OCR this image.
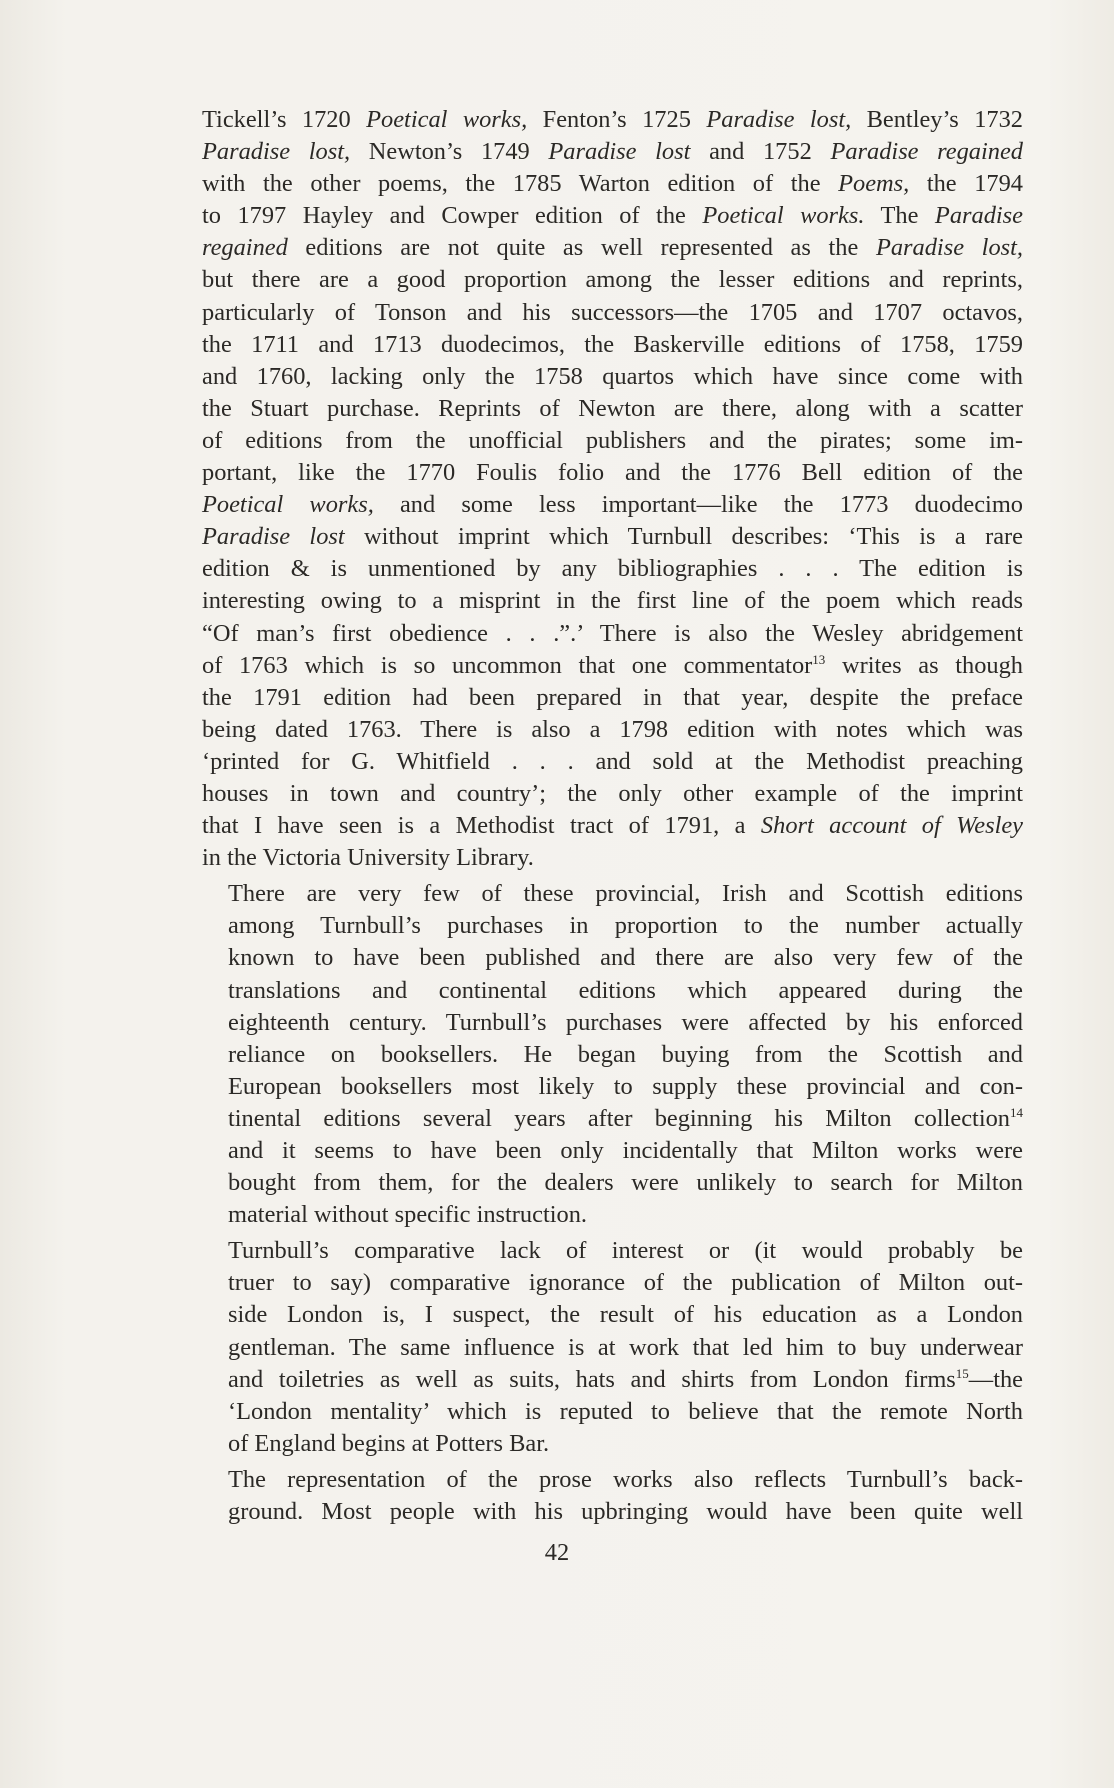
Tickell’s 1720 Poetical works, Fenton’s 1725 Paradise lost, Bentley’s 1732
Paradise lost, Newton’s 1749 Paradise lost and 1752 Paradise regained
with the other poems, the 1785 Warton edition of the Poems, the 1794
to 1797 Hayley and Cowper edition of the Poetical works. The Paradise
regained editions are not quite as well represented as the Paradise lost,
but there are a good proportion among the lesser editions and reprints,
particularly of Tonson and his successors—the 1705 and 1707 octavos,
the 1711 and 1713 duodecimos, the Baskerville editions of 1758, 1759
and 1760, lacking only the 1758 quartos which have since come with
the Stuart purchase. Reprints of Newton are there, along with a scatter
of editions from the unofficial publishers and the pirates; some im-
portant, like the 1770 Foulis folio and the 1776 Bell edition of the
Poetical works, and some less important—like the 1773 duodecimo
Paradise lost without imprint which Turnbull describes: ‘This is a rare
edition & is unmentioned by any bibliographies . . . The edition is
interesting owing to a misprint in the first line of the poem which reads
“Of man’s first obedience . . .”.’ There is also the Wesley abridgement
of 1763 which is so uncommon that one commentator$^{13}$ writes as though
the 1791 edition had been prepared in that year, despite the preface
being dated 1763. There is also a 1798 edition with notes which was
‘printed for G. Whitfield . . . and sold at the Methodist preaching
houses in town and country’; the only other example of the imprint
that I have seen is a Methodist tract of 1791, a Short account of Wesley
in the Victoria University Library.
There are very few of these provincial, Irish and Scottish editions
among Turnbull’s purchases in proportion to the number actually
known to have been published and there are also very few of the
translations and continental editions which appeared during the
eighteenth century. Turnbull’s purchases were affected by his enforced
reliance on booksellers. He began buying from the Scottish and
European booksellers most likely to supply these provincial and con-
tinental editions several years after beginning his Milton collection$^{14}$
and it seems to have been only incidentally that Milton works were
bought from them, for the dealers were unlikely to search for Milton
material without specific instruction.
Turnbull’s comparative lack of interest or (it would probably be
truer to say) comparative ignorance of the publication of Milton out-
side London is, I suspect, the result of his education as a London
gentleman. The same influence is at work that led him to buy underwear
and toiletries as well as suits, hats and shirts from London firms$^{15}$—the
‘London mentality’ which is reputed to believe that the remote North
of England begins at Potters Bar.
The representation of the prose works also reflects Turnbull’s back-
ground. Most people with his upbringing would have been quite well
42
